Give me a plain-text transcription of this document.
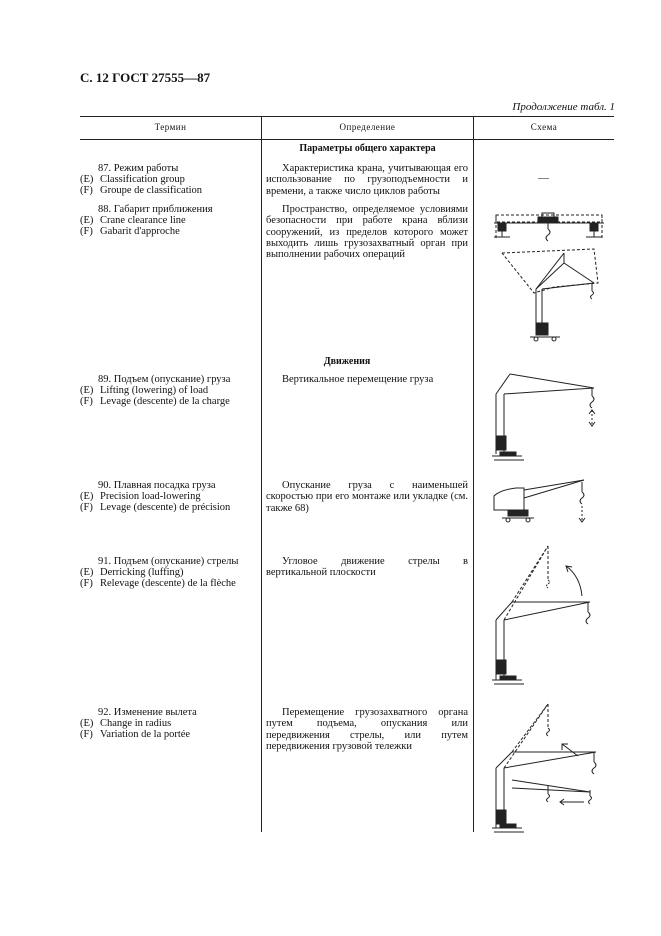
С. 12 ГОСТ 27555—87
Продолжение табл. 1
Термин	Определение	Схема
Параметры общего характера
Движения
87. Режим работы
(E) Classification group
(F) Groupe de classification
Характеристика крана, учитывающая его использование по грузоподъемности и времени, а также число циклов работы
—
88. Габарит приближения
(E) Crane clearance line
(F) Gabarit d'approche
Пространство, определяемое условиями безопасности при работе крана вблизи сооружений, из пределов которого может выходить лишь грузозахватный орган при выполнении рабочих операций
89. Подъем (опускание) груза
(E) Lifting (lowering) of load
(F) Levage (descente) de la charge
Вертикальное перемещение груза
90. Плавная посадка груза
(E) Precision load-lowering
(F) Levage (descente) de précision
Опускание груза с наименьшей скоростью при его монтаже или укладке (см. также 68)
91. Подъем (опускание) стрелы
(E) Derricking (luffing)
(F) Relevage (descente) de la flèche
Угловое движение стрелы в вертикальной плоскости
92. Изменение вылета
(E) Change in radius
(F) Variation de la portée
Перемещение грузозахватного органа путем подъема, опускания или передвижения стрелы, или путем передвижения грузовой тележки
